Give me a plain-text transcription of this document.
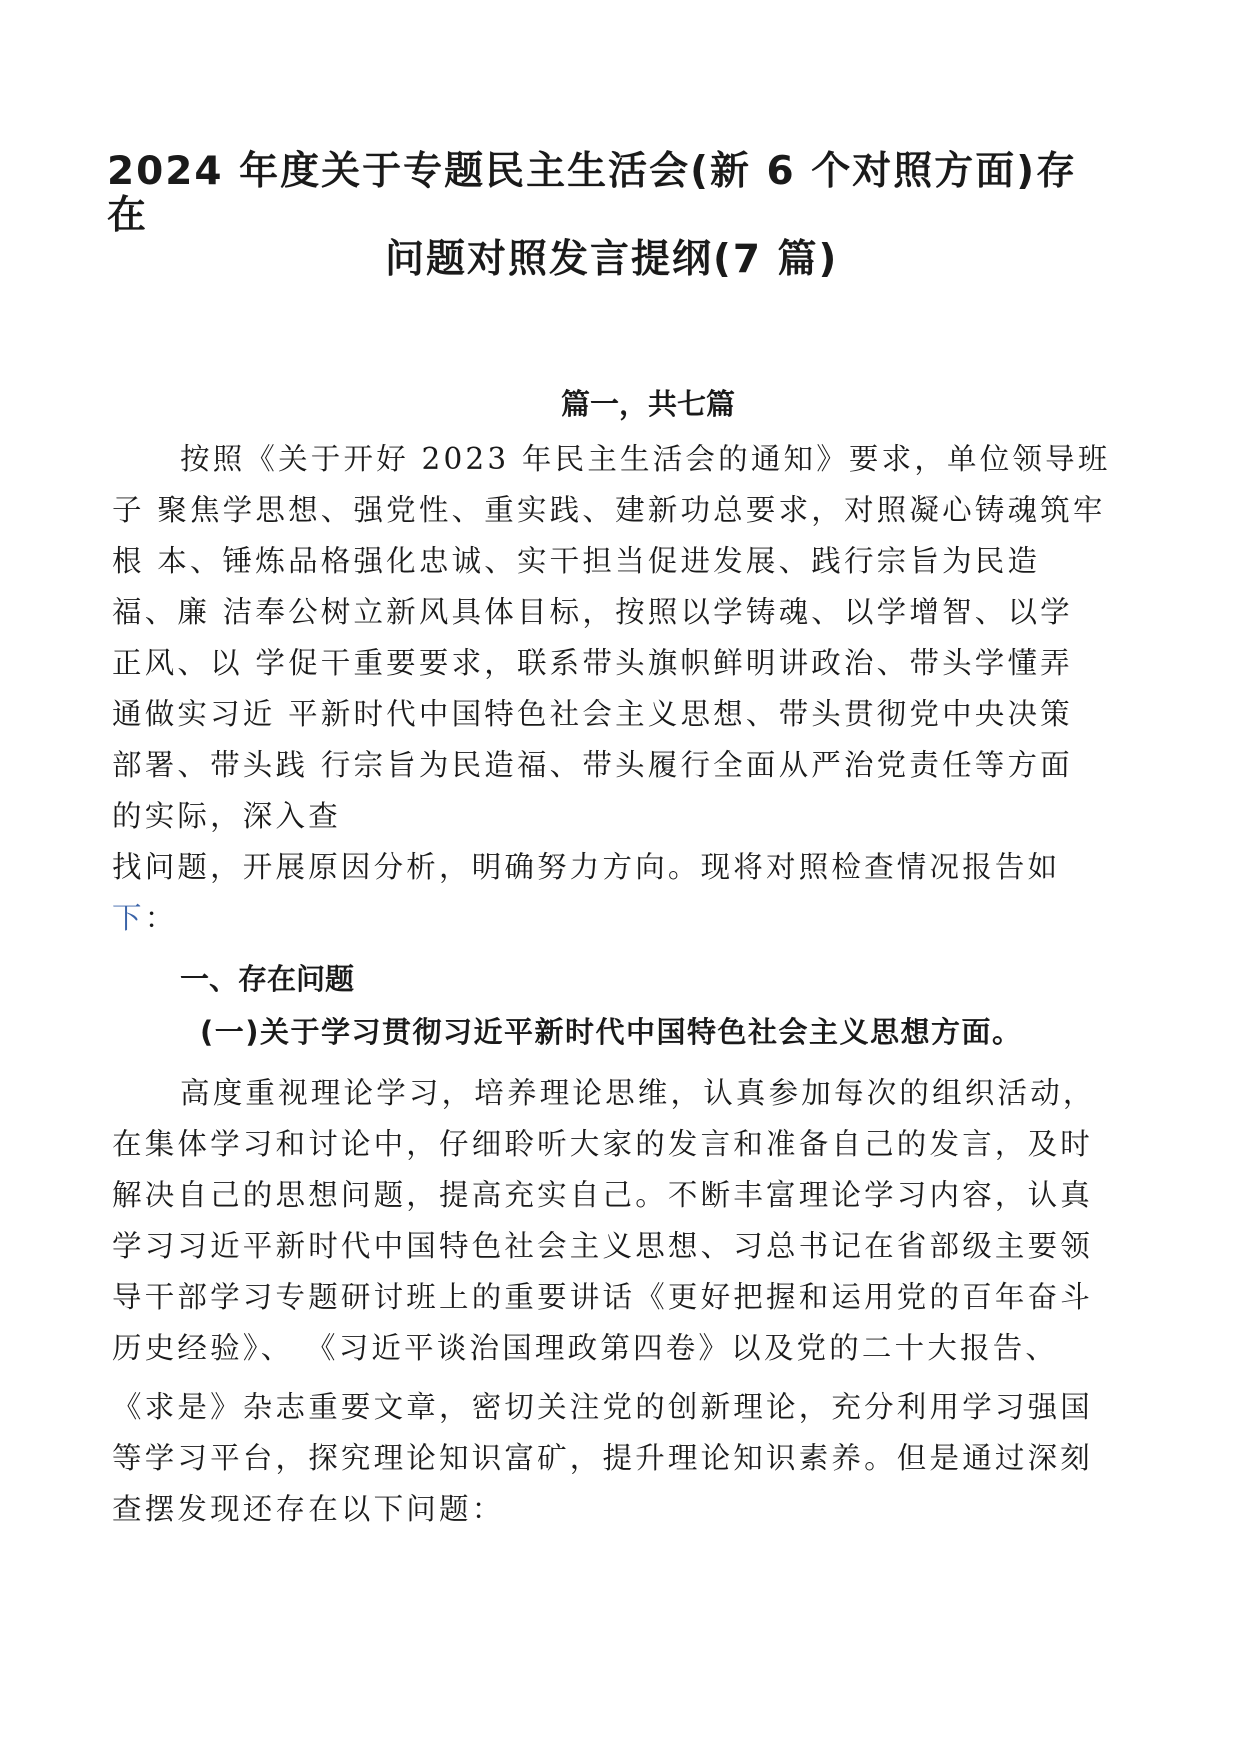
2024 年度关于专题民主生活会(新 6 个对照方面)存

在

问题对照发言提纲(7 篇)

篇一，共七篇

按照《关于开好 2023 年民主生活会的通知》要求，单位领导班

子 聚焦学思想、强党性、重实践、建新功总要求，对照凝心铸魂筑牢

根 本、锤炼品格强化忠诚、实干担当促进发展、践行宗旨为民造

福、廉 洁奉公树立新风具体目标，按照以学铸魂、以学增智、以学

正风、以 学促干重要要求，联系带头旗帜鲜明讲政治、带头学懂弄

通做实习近 平新时代中国特色社会主义思想、带头贯彻党中央决策

部署、带头践 行宗旨为民造福、带头履行全面从严治党责任等方面

的实际，深入查

找问题，开展原因分析，明确努力方向。现将对照检查情况报告如

下：

一、存在问题

(一)关于学习贯彻习近平新时代中国特色社会主义思想方面。

高度重视理论学习，培养理论思维，认真参加每次的组织活动，

在集体学习和讨论中，仔细聆听大家的发言和准备自己的发言，及时

解决自己的思想问题，提高充实自己。不断丰富理论学习内容，认真

学习习近平新时代中国特色社会主义思想、习总书记在省部级主要领

导干部学习专题研讨班上的重要讲话《更好把握和运用党的百年奋斗

历史经验》、 《习近平谈治国理政第四卷》以及党的二十大报告、

《求是》杂志重要文章，密切关注党的创新理论，充分利用学习强国

等学习平台，探究理论知识富矿，提升理论知识素养。但是通过深刻

查摆发现还存在以下问题：
